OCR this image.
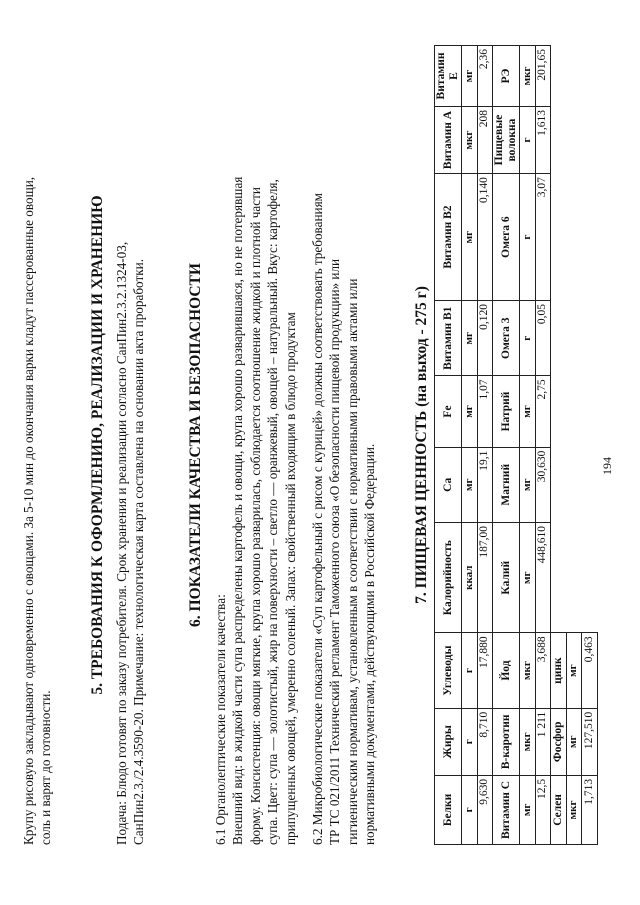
Крупу рисовую закладывают одновременно с овощами. За 5-10 мин до окончания варки кладут пассерованные овощи, соль и варят до готовности.

5. ТРЕБОВАНИЯ К ОФОРМЛЕНИЮ, РЕАЛИЗАЦИИ И ХРАНЕНИЮ Подача: Блюдо готовят по заказу потребителя. Срок хранения и реализации согласно СанПин2.3.2.1324-03, СанПин2.3./2.4.3590-20. Примечание: технологическая карта составлена на основании акта проработки.	6. ПОКАЗАТЕЛИ КАЧЕСТВА И БЕЗОПАСНОСТИ

6.1 Органолептические показатели качества: Внешний вид: в жидкой части супа распределены картофель и овощи, крупа хорошо разварившаяся, но не потерявшая форму. Консистенция: овощи мягкие, крупа хорошо разварилась, соблюдается соотношение жидкой и плотной части супа. Цвет: супа — золотистый, жир на поверхности – светло — оранжевый, овощей – натуральный. Вкус: картофеля, припущенных овощей, умеренно соленый. Запах: свойственный входящим в блюдо продуктам 6.2 Микробиологические показатели «Суп картофельный с рисом с курицей» должны соответствовать требованиям ТР ТС 021/2011 Технический регламент Таможенного союза «О безопасности пищевой продукции» или гигиеническим нормативам, установленным в соответствии с нормативными правовыми актами или нормативными документами, действующими в Российской Федерации. 7. ПИЩЕВАЯ ЦЕННОСТЬ (на выход - 275 г)
Белки	Жиры	Углеводы	Калорийность	Ca	Fe	Витамин В1	Витамин В2	Витамин А	Витамин Е
г	г	г	ккал	мг	мг	мг	мг	мкг	мг
9,630	8,710	17,880	187,00	19,1	1,07	0,120	0,140	208	2,36
Витамин С	В-каротин	Йод	Калий	Магний	Натрий	Омега 3	Омега 6	Пищевые волокна	РЭ
мг	мкг	мкг	мг	мг	мг	г	г	г	мкг
12,5	1 211	3,688	448,610	30,630	2,75	0,05	3,07	1,613	201,65
Селен	Фосфор	цинк							
мкг	мг	мг							
1,713	127,510	0,463							
194
